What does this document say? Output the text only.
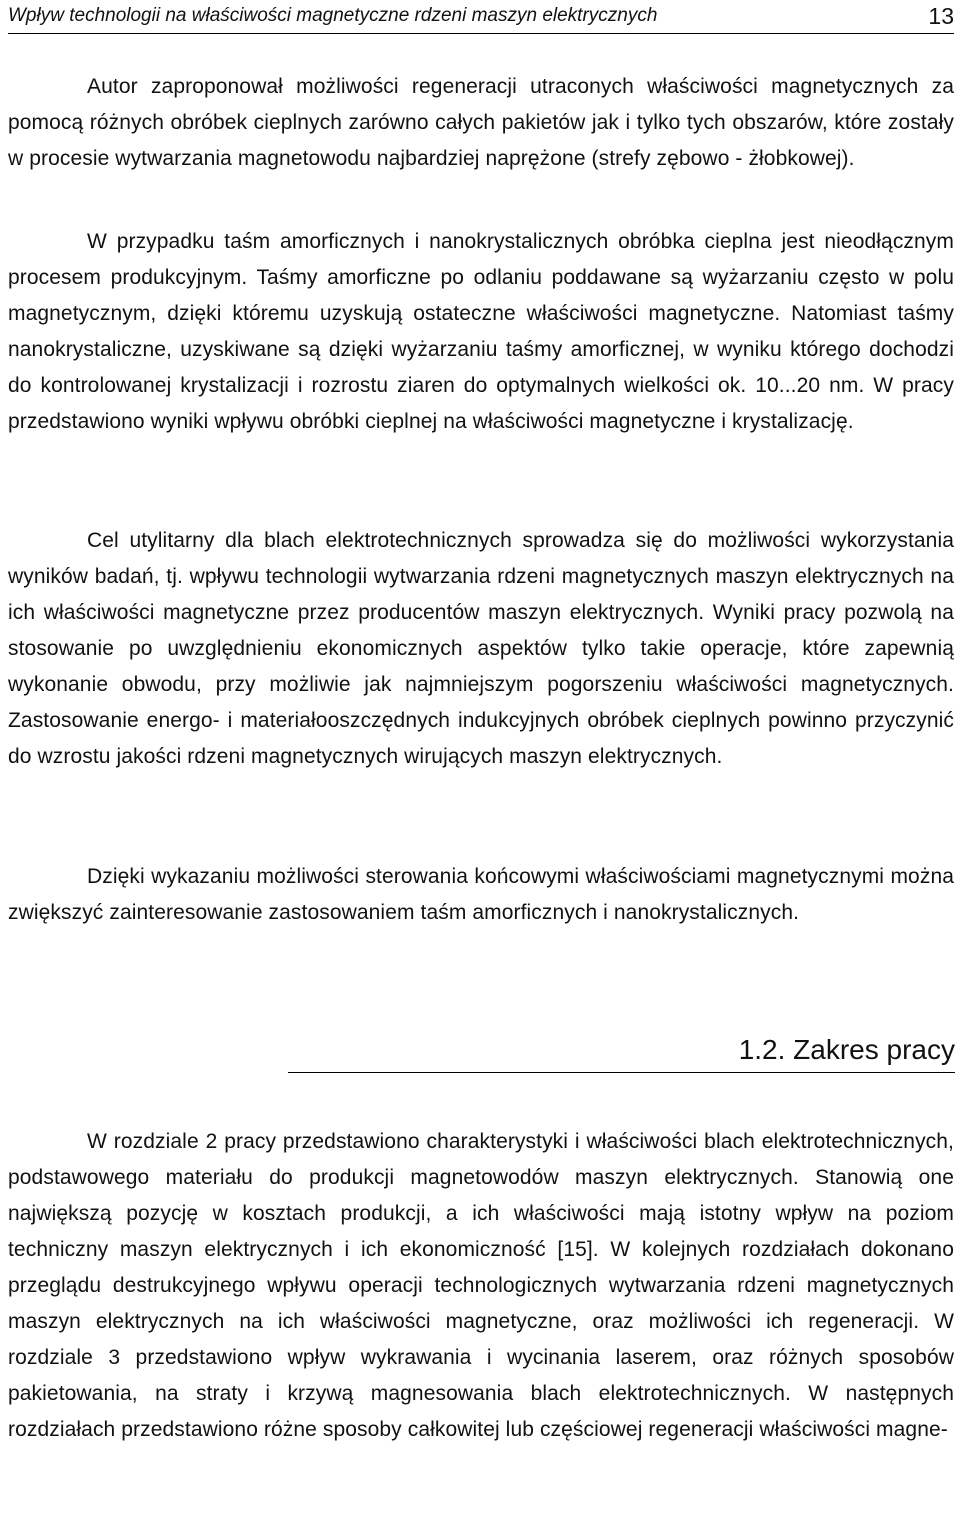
Wpływ technologii na właściwości magnetyczne rdzeni maszyn elektrycznych	13

Autor zaproponował możliwości regeneracji utraconych właściwości magnetycznych za pomocą różnych obróbek cieplnych zarówno całych pakietów jak i tylko tych obszarów, które zostały w procesie wytwarzania magnetowodu najbardziej naprężone (strefy zębowo - żłobkowej).

W przypadku taśm amorficznych i nanokrystalicznych obróbka cieplna jest nieodłącznym procesem produkcyjnym. Taśmy amorficzne po odlaniu poddawane są wyżarzaniu często w polu magnetycznym, dzięki któremu uzyskują ostateczne właściwości magnetyczne. Natomiast taśmy nanokrystaliczne, uzyskiwane są dzięki wyżarzaniu taśmy amorficznej, w wyniku którego dochodzi do kontrolowanej krystalizacji i rozrostu ziaren do optymalnych wielkości ok. 10...20 nm. W pracy przedstawiono wyniki wpływu obróbki cieplnej na właściwości magnetyczne i krystalizację.

Cel utylitarny dla blach elektrotechnicznych sprowadza się do możliwości wykorzystania wyników badań, tj. wpływu technologii wytwarzania rdzeni magnetycznych maszyn elektrycznych na ich właściwości magnetyczne przez producentów maszyn elektrycznych. Wyniki pracy pozwolą na stosowanie po uwzględnieniu ekonomicznych aspektów tylko takie operacje, które zapewnią wykonanie obwodu, przy możliwie jak najmniejszym pogorszeniu właściwości magnetycznych. Zastosowanie energo- i materiałooszczędnych indukcyjnych obróbek cieplnych powinno przyczynić do wzrostu jakości rdzeni magnetycznych wirujących maszyn elektrycznych.

Dzięki wykazaniu możliwości sterowania końcowymi właściwościami magnetycznymi można zwiększyć zainteresowanie zastosowaniem taśm amorficznych i nanokrystalicznych.

1.2. Zakres pracy

W rozdziale 2 pracy przedstawiono charakterystyki i właściwości blach elektrotechnicznych, podstawowego materiału do produkcji magnetowodów maszyn elektrycznych. Stanowią one największą pozycję w kosztach produkcji, a ich właściwości mają istotny wpływ na poziom techniczny maszyn elektrycznych i ich ekonomiczność [15]. W kolejnych rozdziałach dokonano przeglądu destrukcyjnego wpływu operacji technologicznych wytwarzania rdzeni magnetycznych maszyn elektrycznych na ich właściwości magnetyczne, oraz możliwości ich regeneracji. W rozdziale 3 przedstawiono wpływ wykrawania i wycinania laserem, oraz różnych sposobów pakietowania, na straty i krzywą magnesowania blach elektrotechnicznych. W następnych rozdziałach przedstawiono różne sposoby całkowitej lub częściowej regeneracji właściwości magne-
